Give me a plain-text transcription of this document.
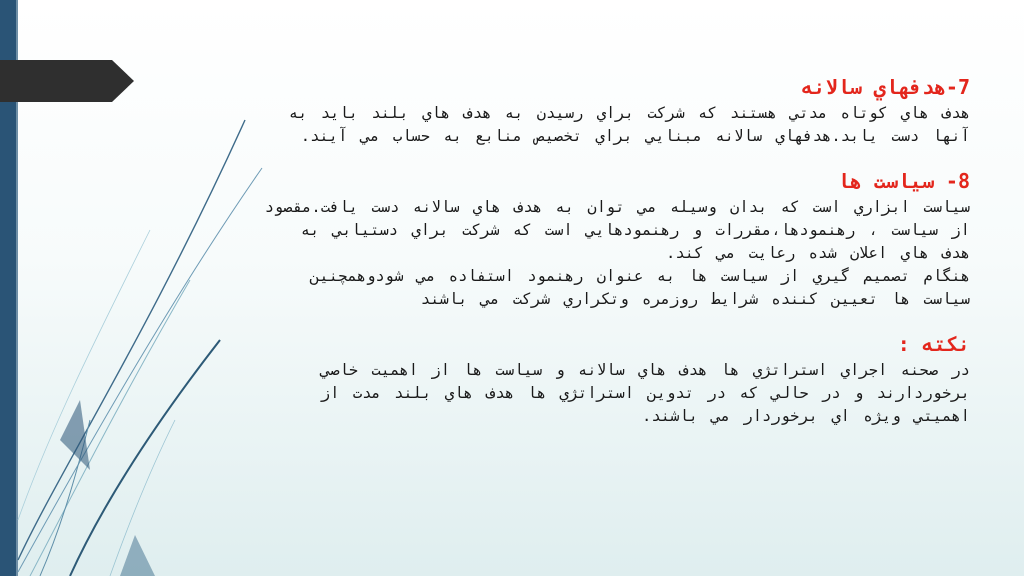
7-هدفهاي سالانه

هدف هاي كوتاه مدتي هستند كه شركت براي رسيدن به هدف هاي بلند بايد به آنها دست يابد.هدفهاي سالانه مبنايي براي تخصيص منابع به حساب مي آيند.

8- سياست ها

سياست ابزاري است كه بدان وسيله مي توان به هدف هاي سالانه دست يافت.مقصود از سياست ، رهنمودها،مقررات و رهنمودهايي است كه شركت براي دستيابي به هدف هاي اعلان شده رعايت مي كند.

هنگام تصميم گيري از سياست ها به عنوان رهنمود استفاده مي شودوهمچنين سياست ها تعيين كننده شرايط روزمره وتكراري شركت مي باشند

نكته :

در صحنه اجراي استراتژي ها هدف هاي سالانه و سياست ها از اهميت خاصي برخوردارند و در حالي كه در تدوين استراتژي ها هدف هاي بلند مدت از اهميتي ويژه اي برخوردار مي باشند.
